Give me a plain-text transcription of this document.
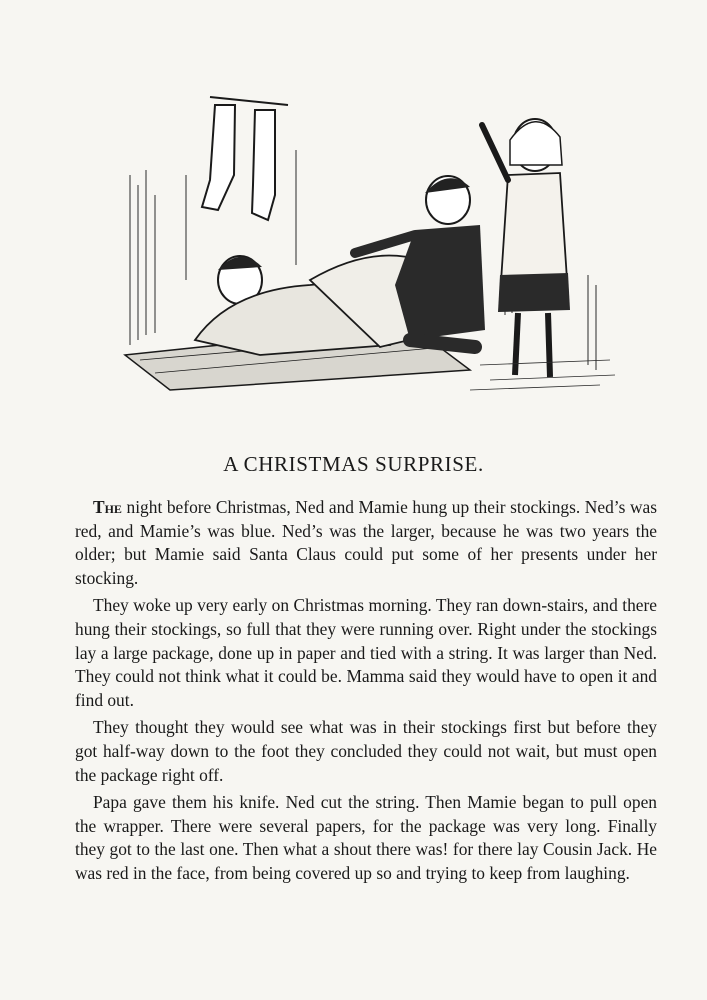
A CHRISTMAS SURPRISE.

The night before Christmas, Ned and Mamie hung up their stockings. Ned’s was red, and Mamie’s was blue. Ned’s was the larger, because he was two years the older; but Mamie said Santa Claus could put some of her presents under her stocking.

They woke up very early on Christmas morning. They ran down-stairs, and there hung their stockings, so full that they were running over. Right under the stockings lay a large package, done up in paper and tied with a string. It was larger than Ned. They could not think what it could be. Mamma said they would have to open it and find out.

They thought they would see what was in their stockings first but before they got half-way down to the foot they concluded they could not wait, but must open the package right off.

Papa gave them his knife. Ned cut the string. Then Mamie began to pull open the wrapper. There were several papers, for the package was very long. Finally they got to the last one. Then what a shout there was! for there lay Cousin Jack. He was red in the face, from being covered up so and trying to keep from laughing.
